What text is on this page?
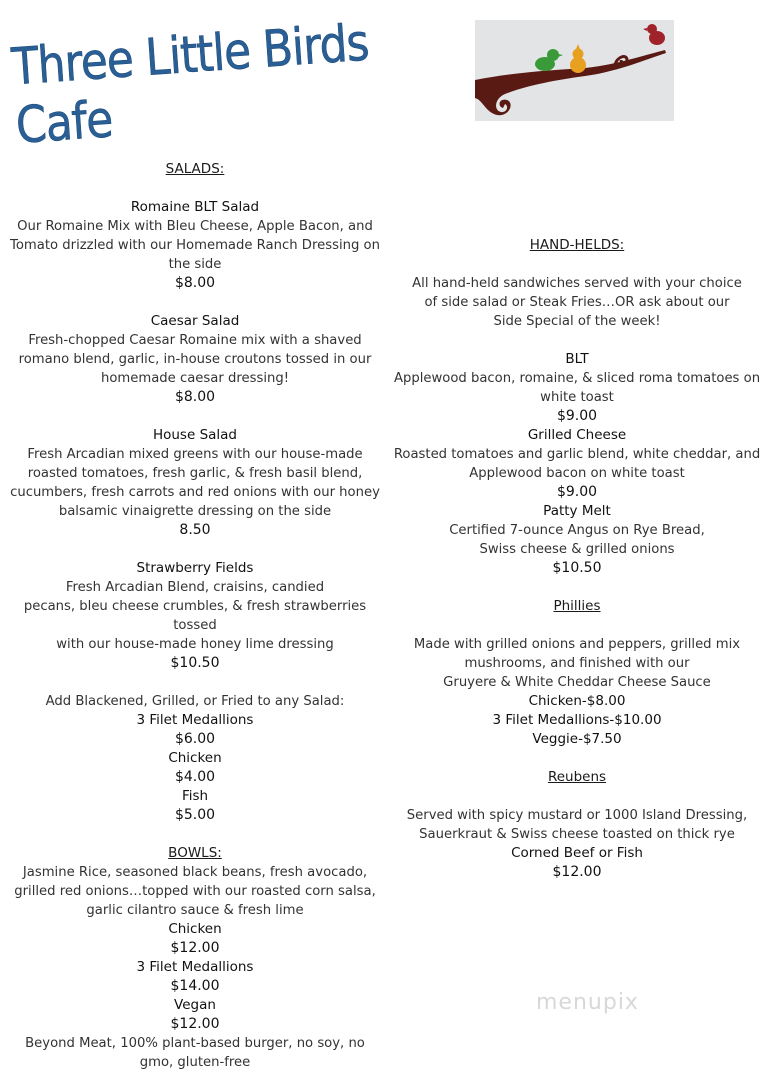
Three Little Birds Cafe
SALADS:
Romaine BLT Salad
Our Romaine Mix with Bleu Cheese, Apple Bacon, and
Tomato drizzled with our Homemade Ranch Dressing on
the side
$8.00
Caesar Salad
Fresh-chopped Caesar Romaine mix with a shaved
romano blend, garlic, in-house croutons tossed in our
homemade caesar dressing!
$8.00
House Salad
Fresh Arcadian mixed greens with our house-made
roasted tomatoes, fresh garlic, & fresh basil blend,
cucumbers, fresh carrots and red onions with our honey
balsamic vinaigrette dressing on the side
8.50
Strawberry Fields
Fresh Arcadian Blend, craisins, candied
pecans, bleu cheese crumbles, & fresh strawberries tossed
with our house-made honey lime dressing
$10.50
Add Blackened, Grilled, or Fried to any Salad:
3 Filet Medallions
$6.00
Chicken
$4.00
Fish
$5.00
BOWLS:
Jasmine Rice, seasoned black beans, fresh avocado,
grilled red onions…topped with our roasted corn salsa,
garlic cilantro sauce & fresh lime
Chicken
$12.00
3 Filet Medallions
$14.00
Vegan
$12.00
Beyond Meat, 100% plant-based burger, no soy, no
gmo, gluten-free
HAND-HELDS:
All hand-held sandwiches served with your choice
of side salad or Steak Fries…OR ask about our
Side Special of the week!
BLT
Applewood bacon, romaine, & sliced roma tomatoes on
white toast
$9.00
Grilled Cheese
Roasted tomatoes and garlic blend, white cheddar, and
Applewood bacon on white toast
$9.00
Patty Melt
Certified 7-ounce Angus on Rye Bread,
Swiss cheese & grilled onions
$10.50
Phillies
Made with grilled onions and peppers, grilled mix
mushrooms, and finished with our
Gruyere & White Cheddar Cheese Sauce
Chicken-$8.00
3 Filet Medallions-$10.00
Veggie-$7.50
Reubens
Served with spicy mustard or 1000 Island Dressing,
Sauerkraut & Swiss cheese toasted on thick rye
Corned Beef or Fish
$12.00
menupix
